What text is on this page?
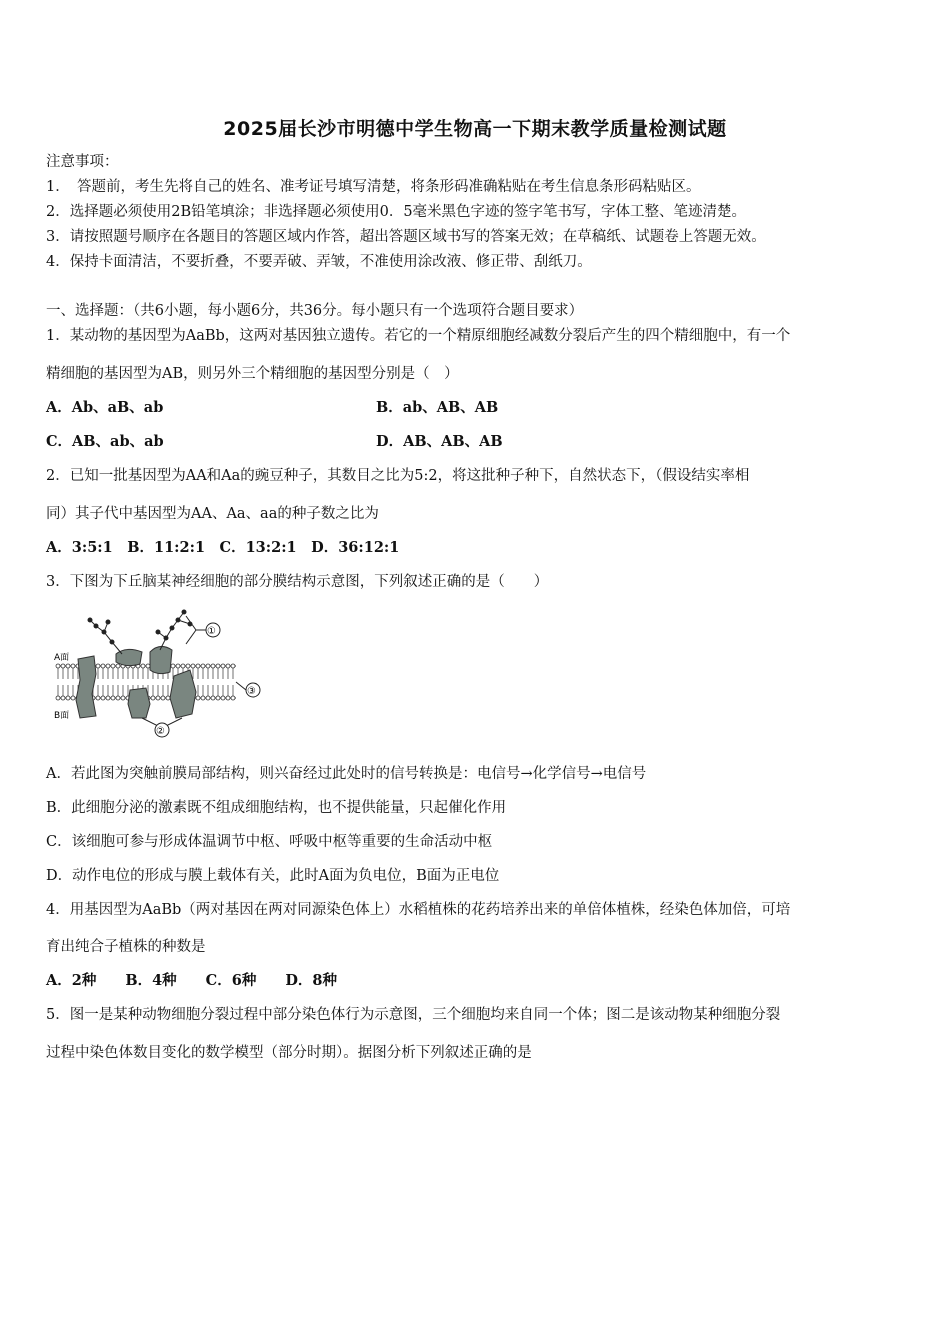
2025届长沙市明德中学生物高一下期末教学质量检测试题
注意事项：
1．　答题前，考生先将自己的姓名、准考证号填写清楚，将条形码准确粘贴在考生信息条形码粘贴区。
2．选择题必须使用2B铅笔填涂；非选择题必须使用0．5毫米黑色字迹的签字笔书写，字体工整、笔迹清楚。
3．请按照题号顺序在各题目的答题区域内作答，超出答题区域书写的答案无效；在草稿纸、试题卷上答题无效。
4．保持卡面清洁，不要折叠，不要弄破、弄皱，不准使用涂改液、修正带、刮纸刀。
一、选择题：（共6小题，每小题6分，共36分。每小题只有一个选项符合题目要求）
1．某动物的基因型为AaBb，这两对基因独立遗传。若它的一个精原细胞经减数分裂后产生的四个精细胞中，有一个
精细胞的基因型为AB，则另外三个精细胞的基因型分别是（　）
A．Ab、aB、ab	B．ab、AB、AB
C．AB、ab、ab	D．AB、AB、AB
2．已知一批基因型为AA和Aa的豌豆种子，其数目之比为5:2，将这批种子种下，自然状态下，（假设结实率相
同）其子代中基因型为AA、Aa、aa的种子数之比为
A．3:5:1　B．11:2:1　C．13:2:1　D．36:12:1
3．下图为下丘脑某神经细胞的部分膜结构示意图，下列叙述正确的是（　　）
A面
B面
①
③
②
A．若此图为突触前膜局部结构，则兴奋经过此处时的信号转换是：电信号→化学信号→电信号
B．此细胞分泌的激素既不组成细胞结构，也不提供能量，只起催化作用
C．该细胞可参与形成体温调节中枢、呼吸中枢等重要的生命活动中枢
D．动作电位的形成与膜上载体有关，此时A面为负电位，B面为正电位
4．用基因型为AaBb（两对基因在两对同源染色体上）水稻植株的花药培养出来的单倍体植株，经染色体加倍，可培
育出纯合子植株的种数是
A．2种　　B．4种　　C．6种　　D．8种
5．图一是某种动物细胞分裂过程中部分染色体行为示意图，三个细胞均来自同一个体；图二是该动物某种细胞分裂
过程中染色体数目变化的数学模型（部分时期）。据图分析下列叙述正确的是
